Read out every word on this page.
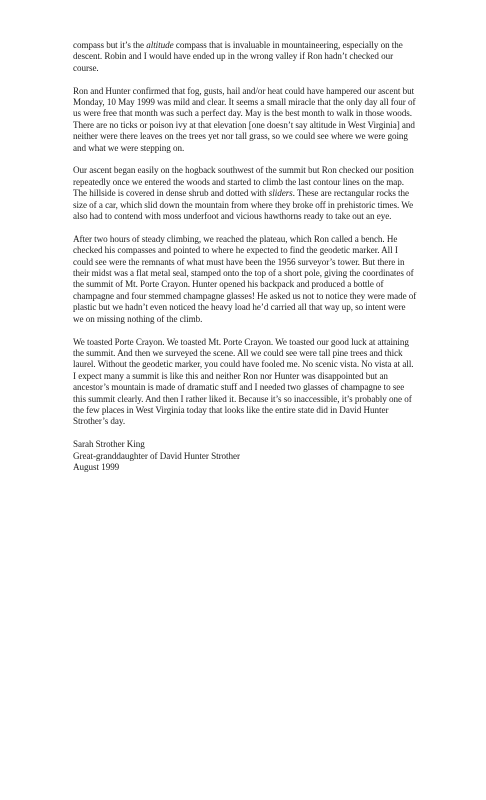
compass but it’s the altitude compass that is invaluable in mountaineering, especially on the descent. Robin and I would have ended up in the wrong valley if Ron hadn’t checked our course.

Ron and Hunter confirmed that fog, gusts, hail and/or heat could have hampered our ascent but Monday, 10 May 1999 was mild and clear. It seems a small miracle that the only day all four of us were free that month was such a perfect day. May is the best month to walk in those woods. There are no ticks or poison ivy at that elevation [one doesn’t say altitude in West Virginia] and neither were there leaves on the trees yet nor tall grass, so we could see where we were going and what we were stepping on.

Our ascent began easily on the hogback southwest of the summit but Ron checked our position repeatedly once we entered the woods and started to climb the last contour lines on the map. The hillside is covered in dense shrub and dotted with sliders. These are rectangular rocks the size of a car, which slid down the mountain from where they broke off in prehistoric times. We also had to contend with moss underfoot and vicious hawthorns ready to take out an eye.

After two hours of steady climbing, we reached the plateau, which Ron called a bench. He checked his compasses and pointed to where he expected to find the geodetic marker. All I could see were the remnants of what must have been the 1956 surveyor’s tower. But there in their midst was a flat metal seal, stamped onto the top of a short pole, giving the coordinates of the summit of Mt. Porte Crayon. Hunter opened his backpack and produced a bottle of champagne and four stemmed champagne glasses! He asked us not to notice they were made of plastic but we hadn’t even noticed the heavy load he’d carried all that way up, so intent were we on missing nothing of the climb.

We toasted Porte Crayon. We toasted Mt. Porte Crayon. We toasted our good luck at attaining the summit. And then we surveyed the scene. All we could see were tall pine trees and thick laurel. Without the geodetic marker, you could have fooled me. No scenic vista. No vista at all. I expect many a summit is like this and neither Ron nor Hunter was disappointed but an ancestor’s mountain is made of dramatic stuff and I needed two glasses of champagne to see this summit clearly. And then I rather liked it. Because it’s so inaccessible, it’s probably one of the few places in West Virginia today that looks like the entire state did in David Hunter Strother’s day.

Sarah Strother King
Great-granddaughter of David Hunter Strother
August 1999
